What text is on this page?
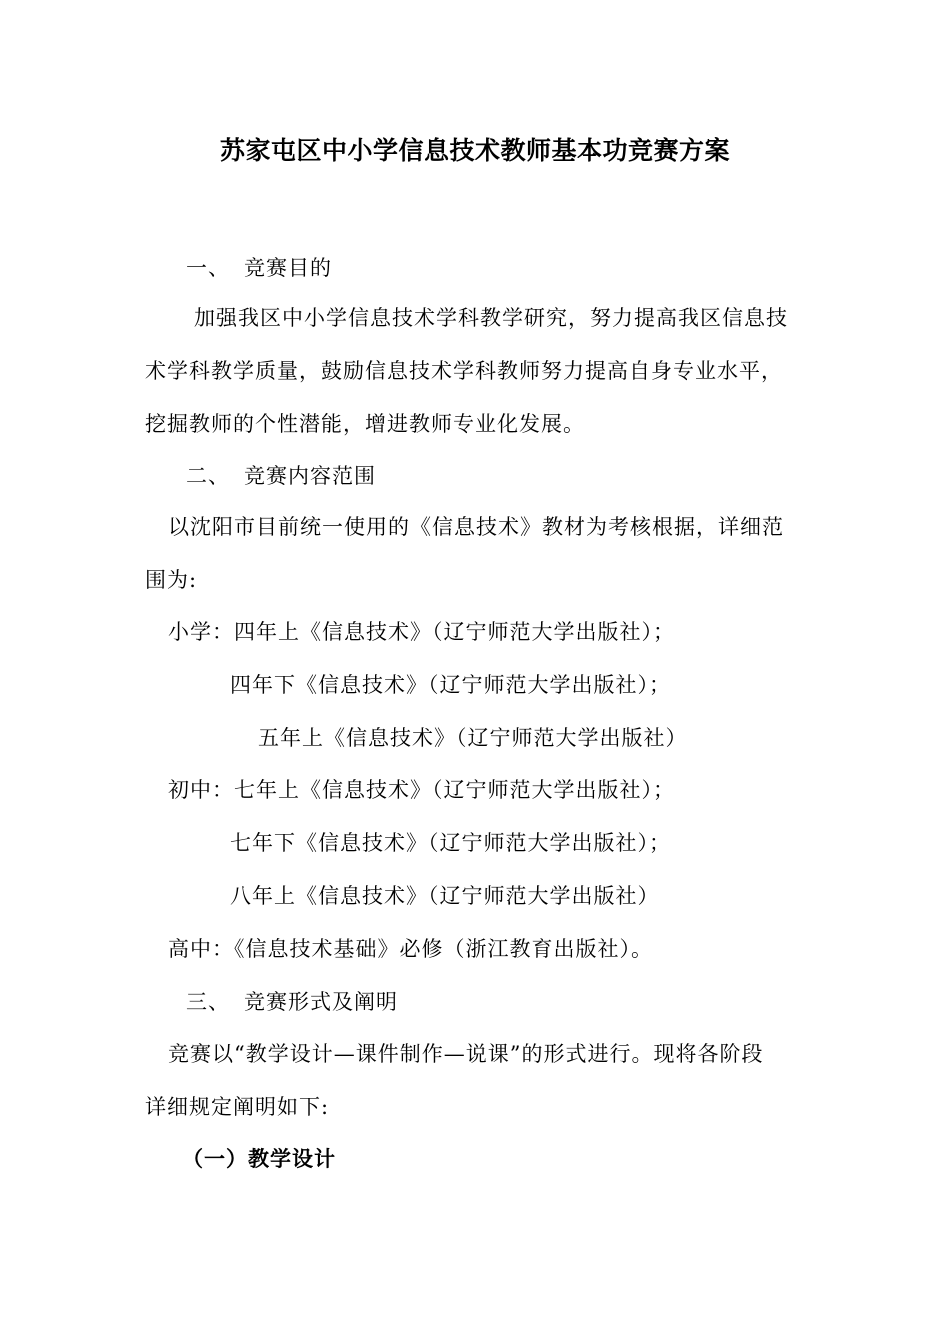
苏家屯区中小学信息技术教师基本功竞赛方案
一、 竞赛目的
加强我区中小学信息技术学科教学研究，努力提高我区信息技
术学科教学质量，鼓励信息技术学科教师努力提高自身专业水平，
挖掘教师的个性潜能，增进教师专业化发展。
二、 竞赛内容范围
以沈阳市目前统一使用的《信息技术》教材为考核根据，详细范
围为:
小学：四年上《信息技术》（辽宁师范大学出版社）；
四年下《信息技术》（辽宁师范大学出版社）；
五年上《信息技术》（辽宁师范大学出版社）
初中：七年上《信息技术》（辽宁师范大学出版社）；
七年下《信息技术》（辽宁师范大学出版社）；
八年上《信息技术》（辽宁师范大学出版社）
高中：《信息技术基础》必修（浙江教育出版社）。
三、 竞赛形式及阐明
竞赛以“教学设计—课件制作—说课”的形式进行。现将各阶段
详细规定阐明如下:
（一）教学设计
